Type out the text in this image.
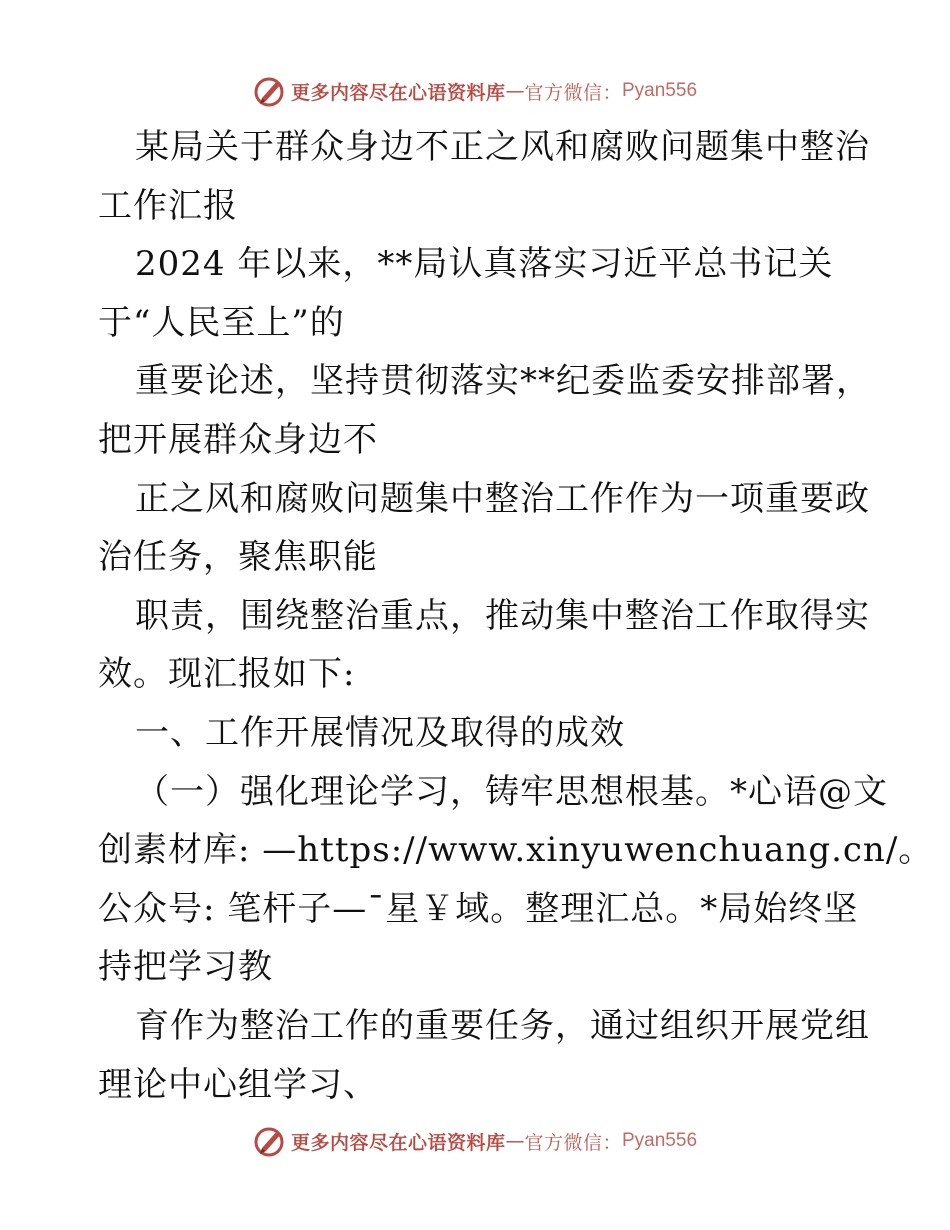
更多内容尽在心语资料库 — 官方微信： Pyan556
某局关于群众身边不正之风和腐败问题集中整治
工作汇报
2024 年以来，**局认真落实习近平总书记关
于“人民至上”的
重要论述，坚持贯彻落实**纪委监委安排部署，
把开展群众身边不
正之风和腐败问题集中整治工作作为一项重要政
治任务，聚焦职能
职责，围绕整治重点，推动集中整治工作取得实
效。现汇报如下:
一、工作开展情况及取得的成效
（一）强化理论学习，铸牢思想根基。*心语@文
创素材库: —https://www.xinyuwenchuang.cn/。
公众号: 笔杆子—¯星￥域。整理汇总。*局始终坚
持把学习教
育作为整治工作的重要任务，通过组织开展党组
理论中心组学习、
更多内容尽在心语资料库 — 官方微信： Pyan556
